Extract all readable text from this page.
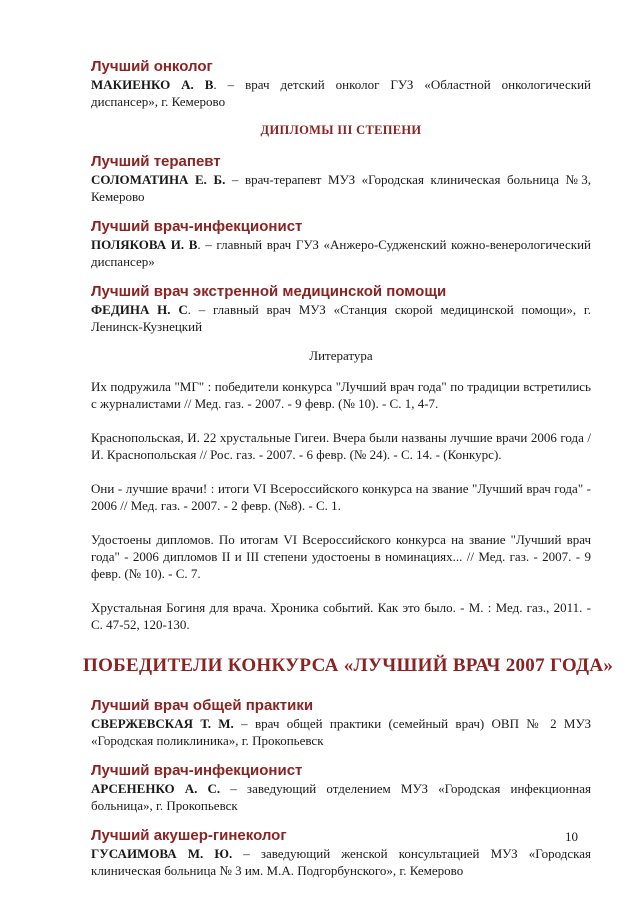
Лучший онколог

МАКИЕНКО А. В. – врач детский онколог ГУЗ «Областной онкологический диспансер», г. Кемерово

ДИПЛОМЫ III СТЕПЕНИ

Лучший терапевт

СОЛОМАТИНА Е. Б. – врач-терапевт МУЗ «Городская клиническая больница №3, Кемерово

Лучший врач-инфекционист

ПОЛЯКОВА И. В. – главный врач ГУЗ «Анжеро-Судженский кожно-венерологический диспансер»

Лучший врач экстренной медицинской помощи

ФЕДИНА Н. С. – главный врач МУЗ «Станция скорой медицинской помощи», г. Ленинск-Кузнецкий

Литература

Их подружила "МГ" : победители конкурса "Лучший врач года" по традиции встретились с журналистами // Мед. газ. - 2007. - 9 февр. (№ 10). - С. 1, 4-7.

Краснопольская, И. 22 хрустальные Гигеи. Вчера были названы лучшие врачи 2006 года / И. Краснопольская // Рос. газ. - 2007. - 6 февр. (№ 24). - С. 14. - (Конкурс).

Они - лучшие врачи! : итоги VI Всероссийского конкурса на звание "Лучший врач года" - 2006 // Мед. газ. - 2007. - 2 февр. (№8). - С. 1.

Удостоены дипломов. По итогам VI Всероссийского конкурса на звание "Лучший врач года" - 2006 дипломов II и III степени удостоены в номинациях... // Мед. газ. - 2007. - 9 февр. (№ 10). - С. 7.

Хрустальная Богиня для врача. Хроника событий. Как это было. - М. : Мед. газ., 2011. - С. 47-52, 120-130.

ПОБЕДИТЕЛИ КОНКУРСА «ЛУЧШИЙ ВРАЧ 2007 ГОДА»

Лучший врач общей практики

СВЕРЖЕВСКАЯ Т. М. – врач общей практики (семейный врач) ОВП № 2 МУЗ «Городская поликлиника», г. Прокопьевск

Лучший врач-инфекционист

АРСЕНЕНКО А. С. – заведующий отделением МУЗ «Городская инфекционная больница», г. Прокопьевск

Лучший акушер-гинеколог

ГУСАИМОВА М. Ю. – заведующий женской консультацией МУЗ «Городская клиническая больница № 3 им. М.А. Подгорбунского», г. Кемерово

10
